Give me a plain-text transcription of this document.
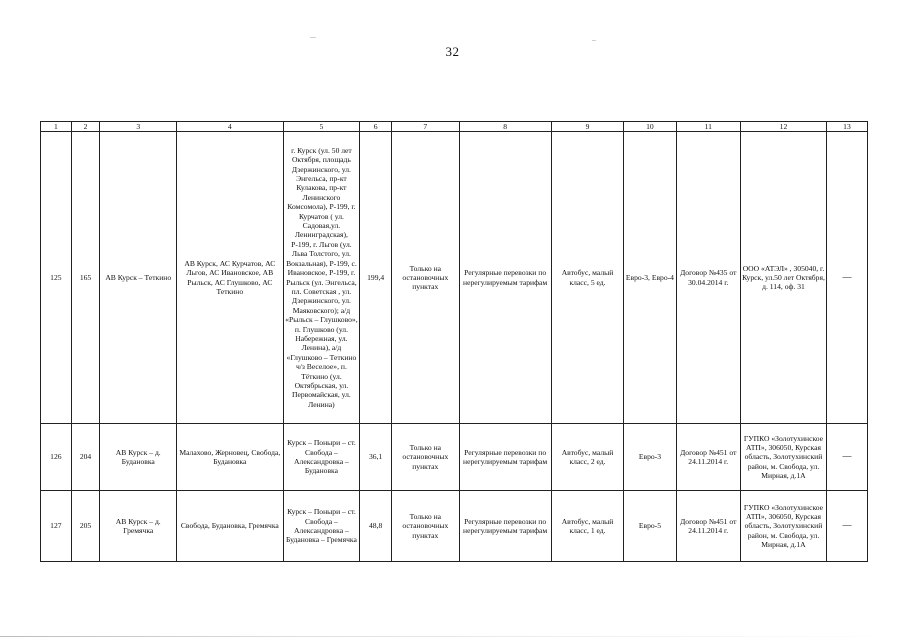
32
1	2	3	4	5	6	7	8	9	10	11	12	13
125	165	АВ Курск – Теткино	АВ Курск, АС Курчатов, АС Льгов, АС Ивановское, АВ Рыльск, АС Глушково, АС Теткино	г. Курск (ул. 50 лет Октября, площадь Дзержинского, ул. Энгельса, пр-кт Кулакова, пр-кт Ленинского Комсомола), Р-199, г. Курчатов ( ул. Садовая,ул. Ленинградская), Р-199, г. Льгов (ул. Льва Толстого, ул. Вокзальная), Р-199, с. Ивановское, Р-199, г. Рыльск (ул. Энгельса, пл. Советская , ул. Дзержинского, ул. Маяковского); а/д «Рыльск – Глушково», п. Глушково (ул. Набережная, ул. Ленина), а/д «Глушково – Теткино ч/з Веселое», п. Тёткино (ул. Октябрьская, ул. Первомайская, ул. Ленина)	199,4	Только на остановочных пунктах	Регулярные перевозки по нерегулируемым тарифам	Автобус, малый класс, 5 ед.	Евро-3, Евро-4	Договор №435 от 30.04.2014 г.	ООО «АТЭЛ» , 305040, г. Курск, ул.50 лет Октября, д. 114, оф. 31	—
126	204	АВ Курск – д. Будановка	Малахово, Жерновец, Свобода, Будановка	Курск – Поныри – ст. Свобода – Александровка – Будановка	36,1	Только на остановочных пунктах	Регулярные перевозки по нерегулируемым тарифам	Автобус, малый класс, 2 ед.	Евро-3	Договор №451 от 24.11.2014 г.	ГУПКО «Золотухинское АТП», 306050, Курская область, Золотухинский район, м. Свобода, ул. Мирная, д.1А	—
127	205	АВ Курск – д. Гремячка	Свобода, Будановка, Гремячка	Курск – Поныри – ст. Свобода – Александровка – Будановка – Гремячка	48,8	Только на остановочных пунктах	Регулярные перевозки по нерегулируемым тарифам	Автобус, малый класс, 1 ед.	Евро-5	Договор №451 от 24.11.2014 г.	ГУПКО «Золотухинское АТП», 306050, Курская область, Золотухинский район, м. Свобода, ул. Мирная, д.1А	—
